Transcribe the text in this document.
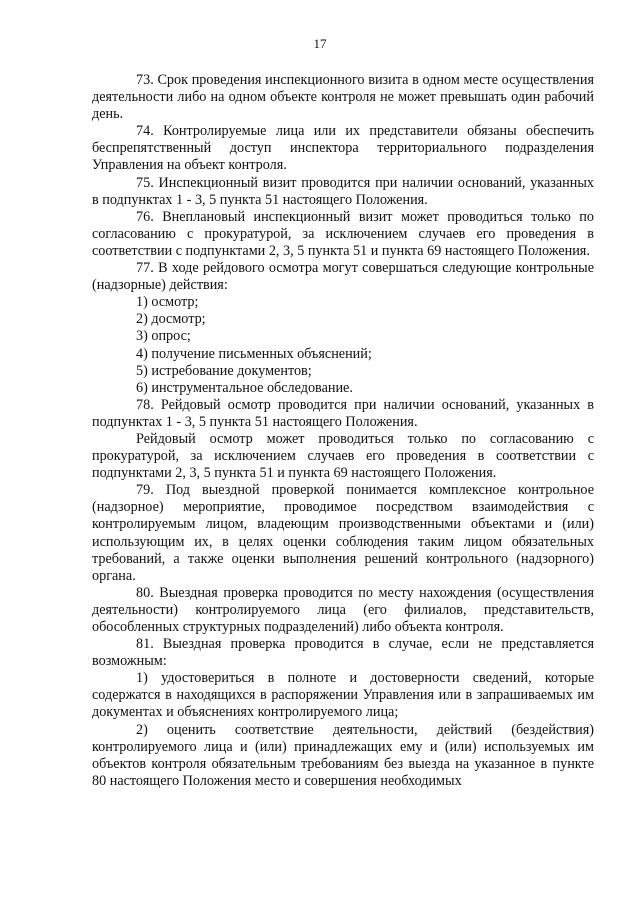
17

73. Срок проведения инспекционного визита в одном месте осуществления деятельности либо на одном объекте контроля не может превышать один рабочий день.

74. Контролируемые лица или их представители обязаны обеспечить беспрепятственный доступ инспектора территориального подразделения Управления на объект контроля.

75. Инспекционный визит проводится при наличии оснований, указанных в подпунктах 1 - 3, 5 пункта 51 настоящего Положения.

76. Внеплановый инспекционный визит может проводиться только по согласованию с прокуратурой, за исключением случаев его проведения в соответствии с подпунктами 2, 3, 5 пункта 51 и пункта 69 настоящего Положения.

77. В ходе рейдового осмотра могут совершаться следующие контрольные (надзорные) действия:

1) осмотр;

2) досмотр;

3) опрос;

4) получение письменных объяснений;

5) истребование документов;

6) инструментальное обследование.

78. Рейдовый осмотр проводится при наличии оснований, указанных в подпунктах 1 - 3, 5 пункта 51 настоящего Положения.

Рейдовый осмотр может проводиться только по согласованию с прокуратурой, за исключением случаев его проведения в соответствии с подпунктами 2, 3, 5 пункта 51 и пункта 69 настоящего Положения.

79. Под выездной проверкой понимается комплексное контрольное (надзорное) мероприятие, проводимое посредством взаимодействия с контролируемым лицом, владеющим производственными объектами и (или) использующим их, в целях оценки соблюдения таким лицом обязательных требований, а также оценки выполнения решений контрольного (надзорного) органа.

80. Выездная проверка проводится по месту нахождения (осуществления деятельности) контролируемого лица (его филиалов, представительств, обособленных структурных подразделений) либо объекта контроля.

81. Выездная проверка проводится в случае, если не представляется возможным:

1) удостовериться в полноте и достоверности сведений, которые содержатся в находящихся в распоряжении Управления или в запрашиваемых им документах и объяснениях контролируемого лица;

2) оценить соответствие деятельности, действий (бездействия) контролируемого лица и (или) принадлежащих ему и (или) используемых им объектов контроля обязательным требованиям без выезда на указанное в пункте 80 настоящего Положения место и совершения необходимых
